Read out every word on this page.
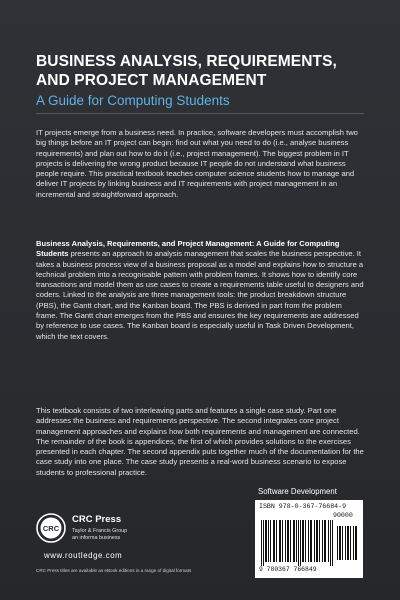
BUSINESS ANALYSIS, REQUIREMENTS,
AND PROJECT MANAGEMENT
A Guide for Computing Students
IT projects emerge from a business need. In practice, software developers must accomplish two big things before an IT project can begin: find out what you need to do (i.e., analyse business requirements) and plan out how to do it (i.e., project management). The biggest problem in IT projects is delivering the wrong product because IT people do not understand what business people require. This practical textbook teaches computer science students how to manage and deliver IT projects by linking business and IT requirements with project management in an incremental and straightforward approach.
Business Analysis, Requirements, and Project Management: A Guide for Computing Students presents an approach to analysis management that scales the business perspective. It takes a business process view of a business proposal as a model and explains how to structure a technical problem into a recognisable pattern with problem frames. It shows how to identify core transactions and model them as use cases to create a requirements table useful to designers and coders. Linked to the analysis are three management tools: the product breakdown structure (PBS), the Gantt chart, and the Kanban board. The PBS is derived in part from the problem frame. The Gantt chart emerges from the PBS and ensures the key requirements are addressed by reference to use cases. The Kanban board is especially useful in Task Driven Development, which the text covers.
This textbook consists of two interleaving parts and features a single case study. Part one addresses the business and requirements perspective. The second integrates core project management approaches and explains how both requirements and management are connected. The remainder of the book is appendices, the first of which provides solutions to the exercises presented in each chapter. The second appendix puts together much of the documentation for the case study into one place. The case study presents a real-word business scenario to expose students to professional practice.
Software Development
ISBN 978-0-367-76684-9
90000
9 780367 766849
CRC
CRC Press
Taylor & Francis Group
an informa business
www.routledge.com
CRC Press titles are available as eBook editions in a range of digital formats
